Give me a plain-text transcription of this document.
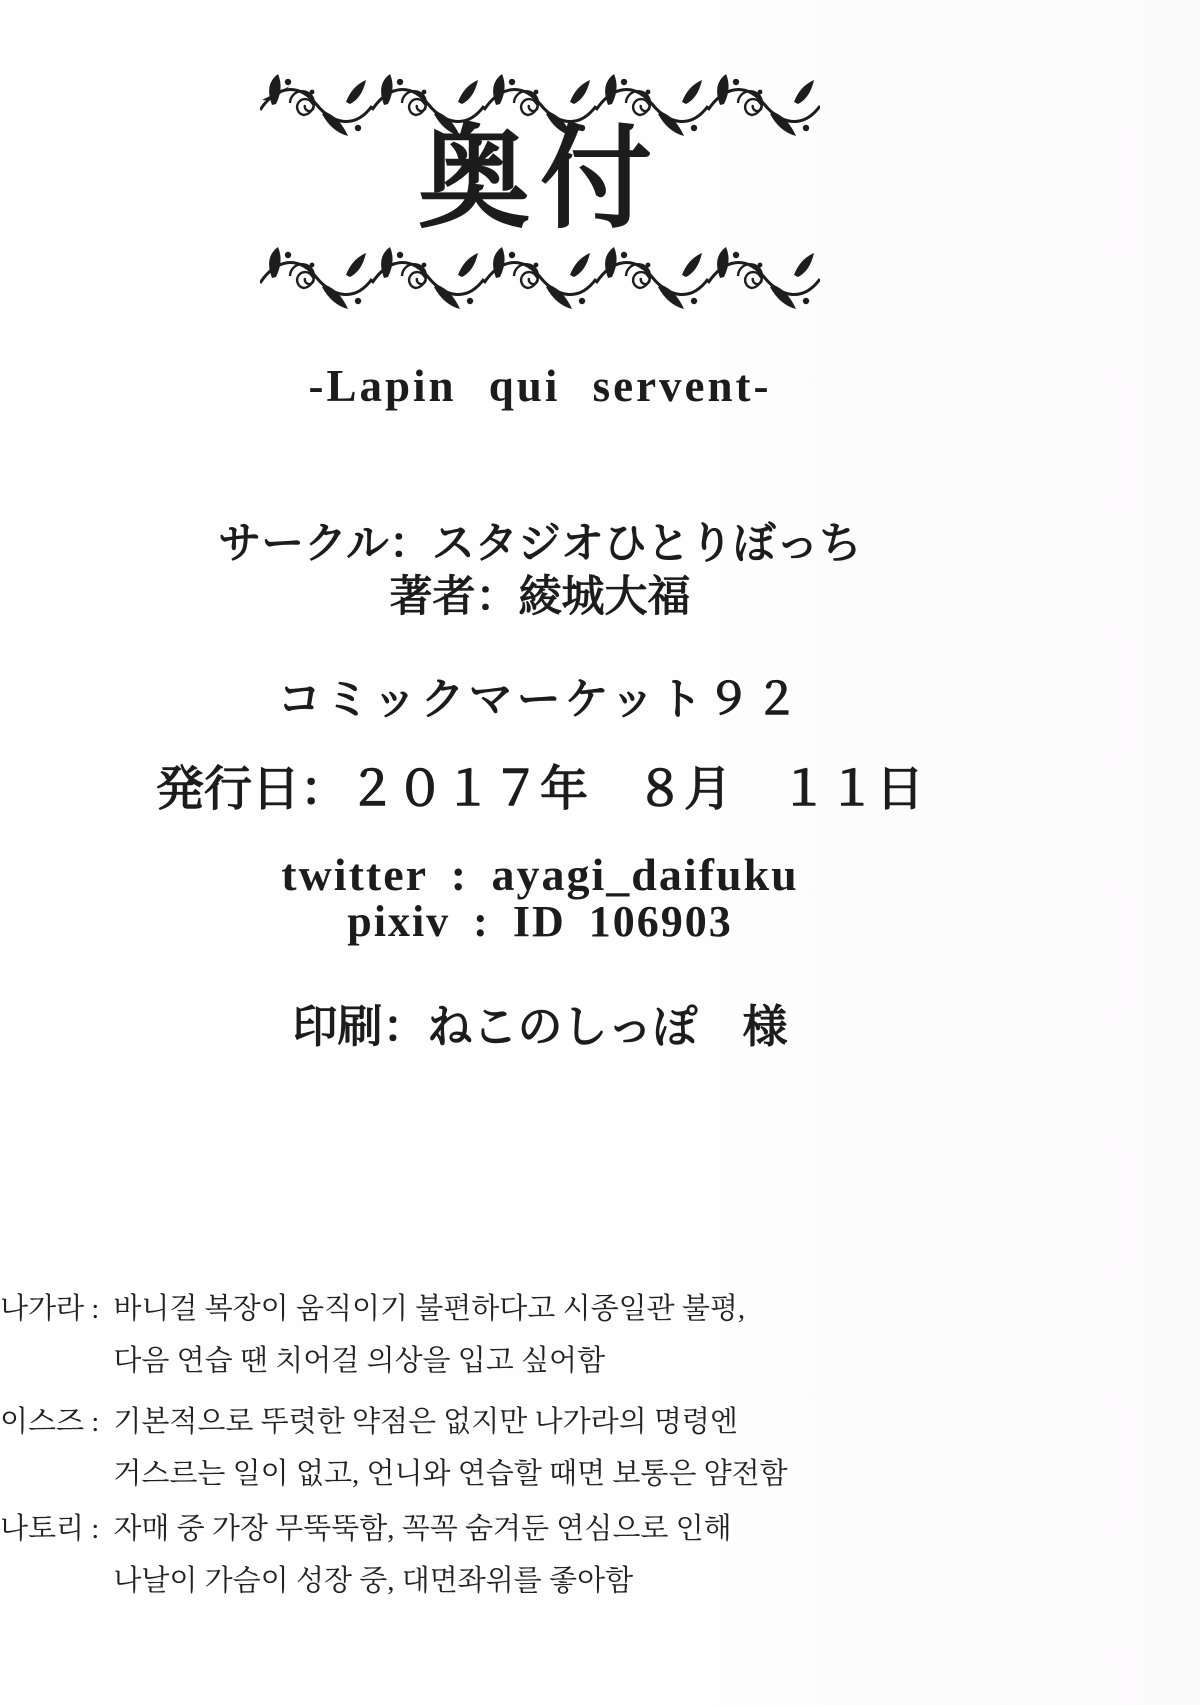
奥付
-Lapin qui servent-
サークル：スタジオひとりぼっち
著者：綾城大福
コミックマーケット９２
発行日：２０１７年　８月　１１日
twitter : ayagi_daifuku
pixiv : ID 106903
印刷：ねこのしっぽ　様
나가라 : 바니걸 복장이 움직이기 불편하다고 시종일관 불평,
다음 연습 땐 치어걸 의상을 입고 싶어함
이스즈 : 기본적으로 뚜렷한 약점은 없지만 나가라의 명령엔
거스르는 일이 없고, 언니와 연습할 때면 보통은 얌전함
나토리 : 자매 중 가장 무뚝뚝함, 꼭꼭 숨겨둔 연심으로 인해
나날이 가슴이 성장 중, 대면좌위를 좋아함
